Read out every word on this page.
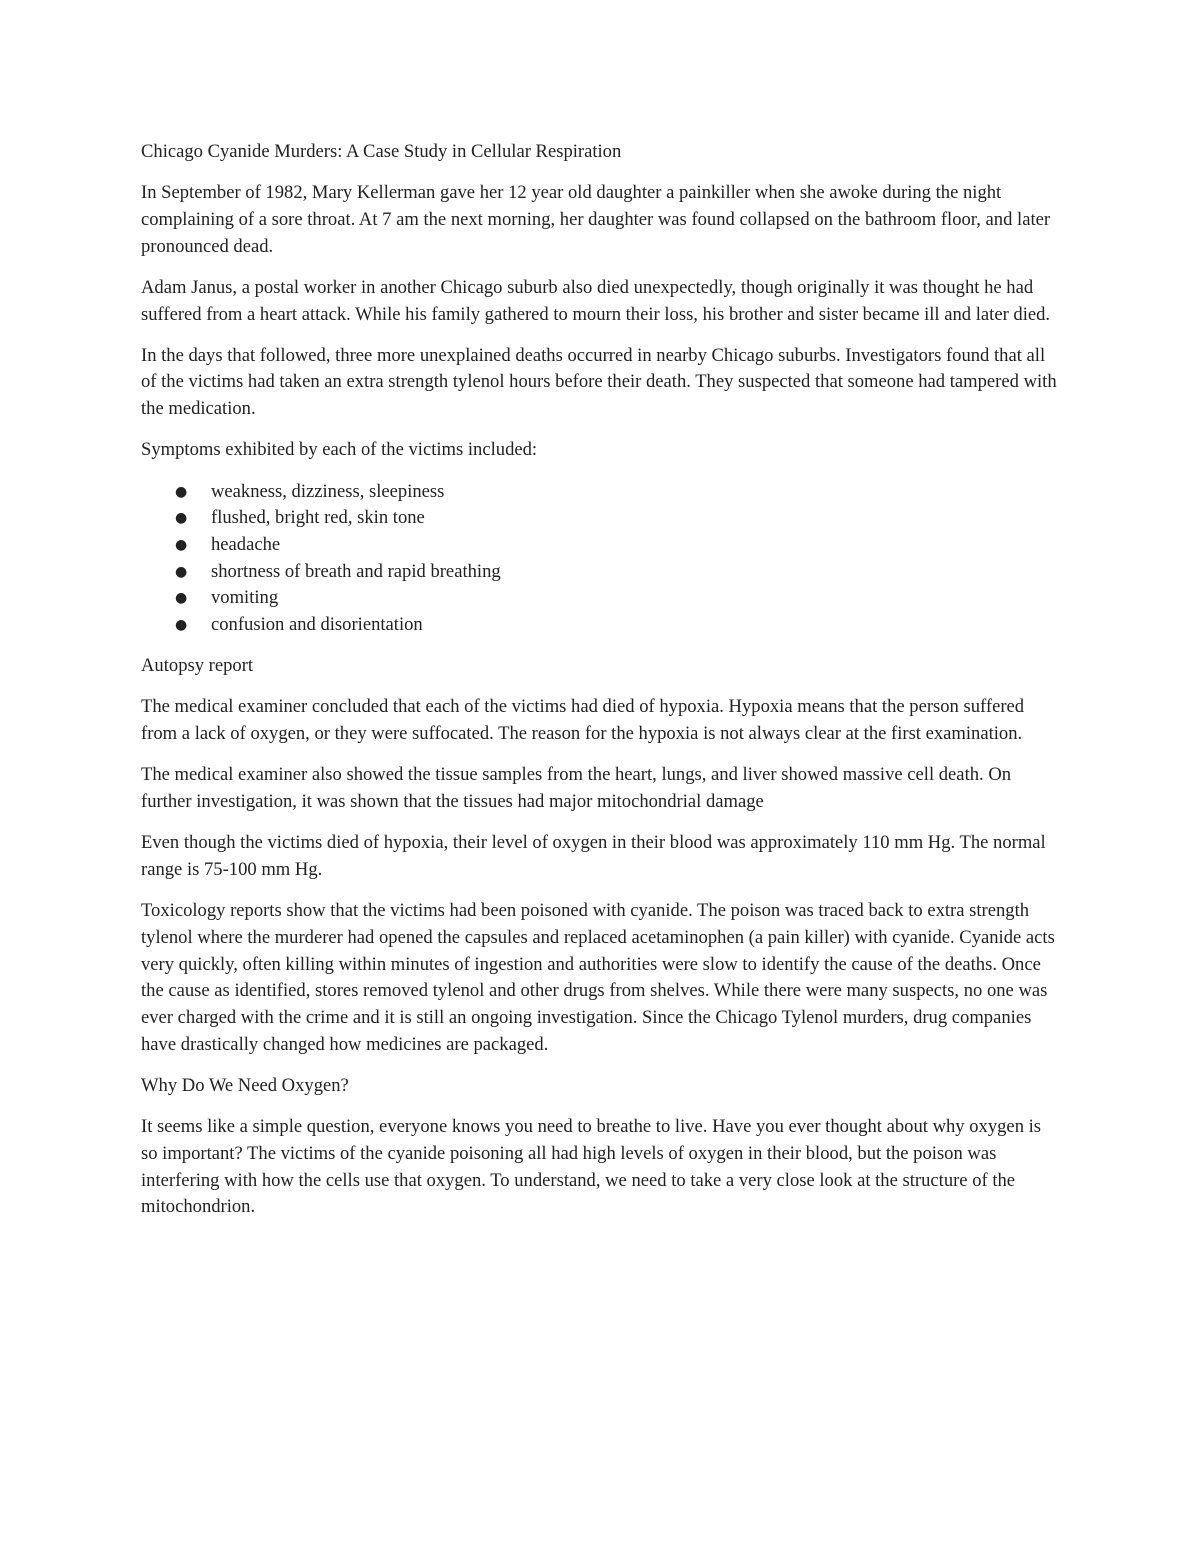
Chicago Cyanide Murders: A Case Study in Cellular Respiration

In September of 1982, Mary Kellerman gave her 12 year old daughter a painkiller when she awoke during the night complaining of a sore throat. At 7 am the next morning, her daughter was found collapsed on the bathroom floor, and later pronounced dead.

Adam Janus, a postal worker in another Chicago suburb also died unexpectedly, though originally it was thought he had suffered from a heart attack. While his family gathered to mourn their loss, his brother and sister became ill and later died.

In the days that followed, three more unexplained deaths occurred in nearby Chicago suburbs. Investigators found that all of the victims had taken an extra strength tylenol hours before their death. They suspected that someone had tampered with the medication.

Symptoms exhibited by each of the victims included:

● weakness, dizziness, sleepiness
● flushed, bright red, skin tone
● headache
● shortness of breath and rapid breathing
● vomiting
● confusion and disorientation

Autopsy report

The medical examiner concluded that each of the victims had died of hypoxia. Hypoxia means that the person suffered from a lack of oxygen, or they were suffocated. The reason for the hypoxia is not always clear at the first examination.

The medical examiner also showed the tissue samples from the heart, lungs, and liver showed massive cell death. On further investigation, it was shown that the tissues had major mitochondrial damage

Even though the victims died of hypoxia, their level of oxygen in their blood was approximately 110 mm Hg. The normal range is 75-100 mm Hg.

Toxicology reports show that the victims had been poisoned with cyanide. The poison was traced back to extra strength tylenol where the murderer had opened the capsules and replaced acetaminophen (a pain killer) with cyanide. Cyanide acts very quickly, often killing within minutes of ingestion and authorities were slow to identify the cause of the deaths. Once the cause as identified, stores removed tylenol and other drugs from shelves. While there were many suspects, no one was ever charged with the crime and it is still an ongoing investigation. Since the Chicago Tylenol murders, drug companies have drastically changed how medicines are packaged.

Why Do We Need Oxygen?

It seems like a simple question, everyone knows you need to breathe to live. Have you ever thought about why oxygen is so important? The victims of the cyanide poisoning all had high levels of oxygen in their blood, but the poison was interfering with how the cells use that oxygen. To understand, we need to take a very close look at the structure of the mitochondrion.
